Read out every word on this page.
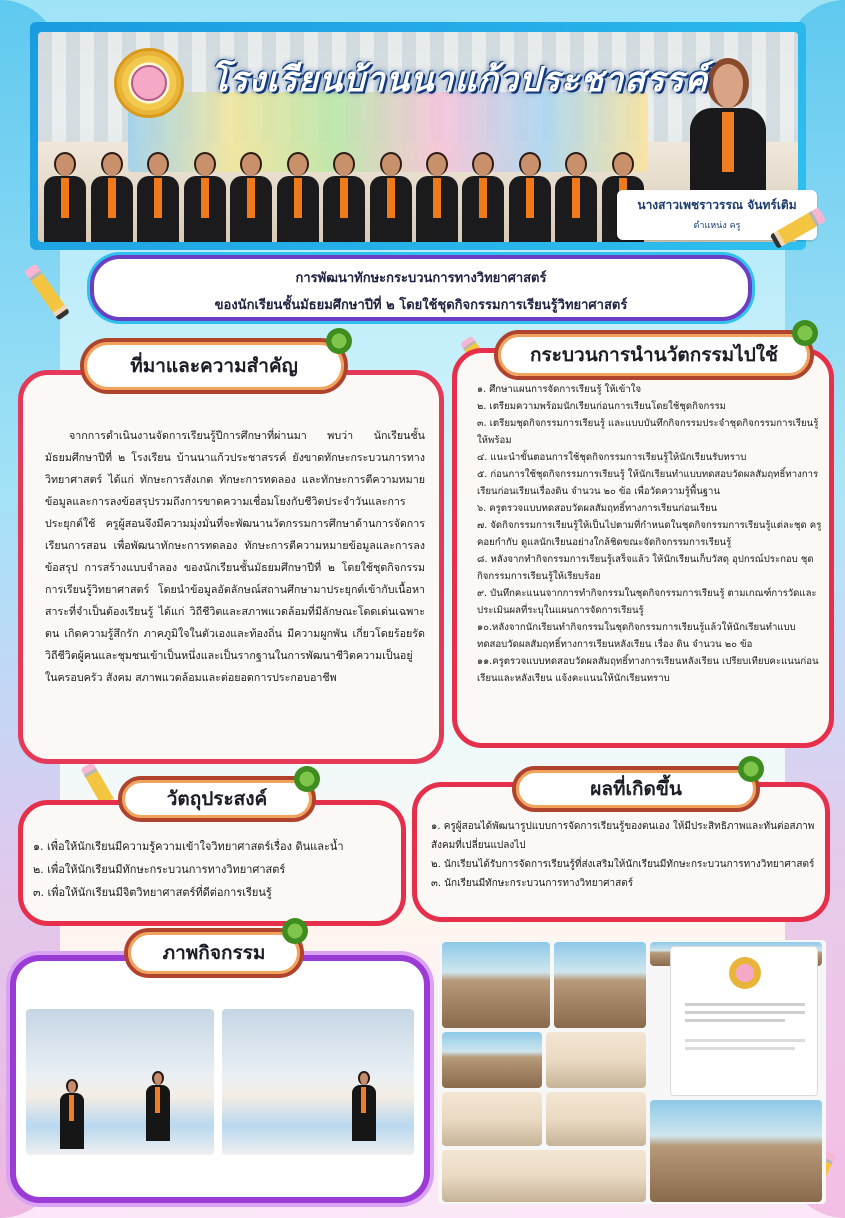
โรงเรียนบ้านนาแก้วประชาสรรค์
นางสาวเพชราวรรณ จันทร์เติม
ตำแหน่ง ครู
การพัฒนาทักษะกระบวนการทางวิทยาศาสตร์
ของนักเรียนชั้นมัธยมศึกษาปีที่ ๒ โดยใช้ชุดกิจกรรมการเรียนรู้วิทยาศาสตร์
จากการดำเนินงานจัดการเรียนรู้ปีการศึกษาที่ผ่านมา พบว่า นักเรียนชั้นมัธยมศึกษาปีที่ ๒ โรงเรียน บ้านนาแก้วประชาสรรค์ ยังขาดทักษะกระบวนการทางวิทยาศาสตร์ ได้แก่ ทักษะการสังเกต ทักษะการทดลอง และทักษะการตีความหมายข้อมูลและการลงข้อสรุปรวมถึงการขาดความเชื่อมโยงกับชีวิตประจำวันและการประยุกต์ใช้ ครูผู้สอนจึงมีความมุ่งมั่นที่จะพัฒนานวัตกรรมการศึกษาด้านการจัดการเรียนการสอน เพื่อพัฒนาทักษะการทดลอง ทักษะการตีความหมายข้อมูลและการลงข้อสรุป การสร้างแบบจำลอง ของนักเรียนชั้นมัธยมศึกษาปีที่ ๒ โดยใช้ชุดกิจกรรมการเรียนรู้วิทยาศาสตร์ โดยนำข้อมูลอัตลักษณ์สถานศึกษามาประยุกต์เข้ากับเนื้อหาสาระที่จำเป็นต้องเรียนรู้ ได้แก่ วิถีชีวิตและสภาพแวดล้อมที่มีลักษณะโดดเด่นเฉพาะตน เกิดความรู้สึกรัก ภาคภูมิใจในตัวเองและท้องถิ่น มีความผูกพัน เกี่ยวโดยร้อยรัดวิถีชีวิตผู้คนและชุมชนเข้าเป็นหนึ่งและเป็นรากฐานในการพัฒนาชีวิตความเป็นอยู่ในครอบครัว สังคม สภาพแวดล้อมและต่อยอดการประกอบอาชีพ
ที่มาและความสำคัญ
๑. ศึกษาแผนการจัดการเรียนรู้ ให้เข้าใจ
๒. เตรียมความพร้อมนักเรียนก่อนการเรียนโดยใช้ชุดกิจกรรม
๓. เตรียมชุดกิจกรรมการเรียนรู้ และแบบบันทึกกิจกรรมประจำชุดกิจกรรมการเรียนรู้ให้พร้อม
๔. แนะนำขั้นตอนการใช้ชุดกิจกรรมการเรียนรู้ให้นักเรียนรับทราบ
๕. ก่อนการใช้ชุดกิจกรรมการเรียนรู้ ให้นักเรียนทำแบบทดสอบวัดผลสัมฤทธิ์ทางการเรียนก่อนเรียนเรื่องดิน จำนวน ๒๐ ข้อ เพื่อวัดความรู้พื้นฐาน
๖. ครูตรวจแบบทดสอบวัดผลสัมฤทธิ์ทางการเรียนก่อนเรียน
๗. จัดกิจกรรมการเรียนรู้ให้เป็นไปตามที่กำหนดในชุดกิจกรรมการเรียนรู้แต่ละชุด ครูคอยกำกับ ดูแลนักเรียนอย่างใกล้ชิดขณะจัดกิจกรรมการเรียนรู้
๘. หลังจากทำกิจกรรมการเรียนรู้เสร็จแล้ว ให้นักเรียนเก็บวัสดุ อุปกรณ์ประกอบ ชุดกิจกรรมการเรียนรู้ให้เรียบร้อย
๙. บันทึกคะแนนจากการทำกิจกรรมในชุดกิจกรรมการเรียนรู้ ตามเกณฑ์การวัดและประเมินผลที่ระบุในแผนการจัดการเรียนรู้
๑๐.หลังจากนักเรียนทำกิจกรรมในชุดกิจกรรมการเรียนรู้แล้วให้นักเรียนทำแบบทดสอบวัดผลสัมฤทธิ์ทางการเรียนหลังเรียน เรื่อง ดิน จำนวน ๒๐ ข้อ
๑๑.ครูตรวจแบบทดสอบวัดผลสัมฤทธิ์ทางการเรียนหลังเรียน เปรียบเทียบคะแนนก่อนเรียนและหลังเรียน แจ้งคะแนนให้นักเรียนทราบ
กระบวนการนำนวัตกรรมไปใช้
๑. เพื่อให้นักเรียนมีความรู้ความเข้าใจวิทยาศาสตร์เรื่อง ดินและน้ำ
๒. เพื่อให้นักเรียนมีทักษะกระบวนการทางวิทยาศาสตร์
๓. เพื่อให้นักเรียนมีจิตวิทยาศาสตร์ที่ดีต่อการเรียนรู้
วัตถุประสงค์
๑. ครูผู้สอนได้พัฒนารูปแบบการจัดการเรียนรู้ของตนเอง ให้มีประสิทธิภาพและทันต่อสภาพ สังคมที่เปลี่ยนแปลงไป
๒. นักเรียนได้รับการจัดการเรียนรู้ที่ส่งเสริมให้นักเรียนมีทักษะกระบวนการทางวิทยาศาสตร์
๓. นักเรียนมีทักษะกระบวนการทางวิทยาศาสตร์
ผลที่เกิดขึ้น
ภาพกิจกรรม
